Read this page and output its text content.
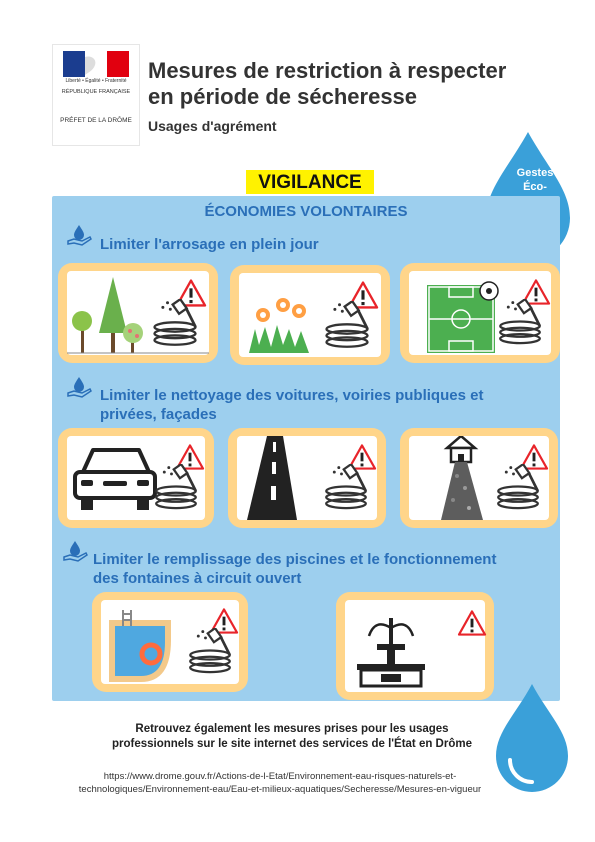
Liberté • Égalité • Fraternité
RÉPUBLIQUE FRANÇAISE
PRÉFET DE LA DRÔME
Mesures de restriction à respecter
en période de sécheresse
Usages d'agrément
Gestes
Éco-
VIGILANCE
ÉCONOMIES VOLONTAIRES
Limiter l'arrosage en plein jour
Limiter le nettoyage des voitures, voiries publiques et
privées, façades
Limiter le remplissage des piscines et le fonctionnement
des fontaines à circuit ouvert
Retrouvez également les mesures prises pour les usages
professionnels sur le site internet des services de l'État en Drôme
https://www.drome.gouv.fr/Actions-de-l-Etat/Environnement-eau-risques-naturels-et-
technologiques/Environnement-eau/Eau-et-milieux-aquatiques/Secheresse/Mesures-en-vigueur
